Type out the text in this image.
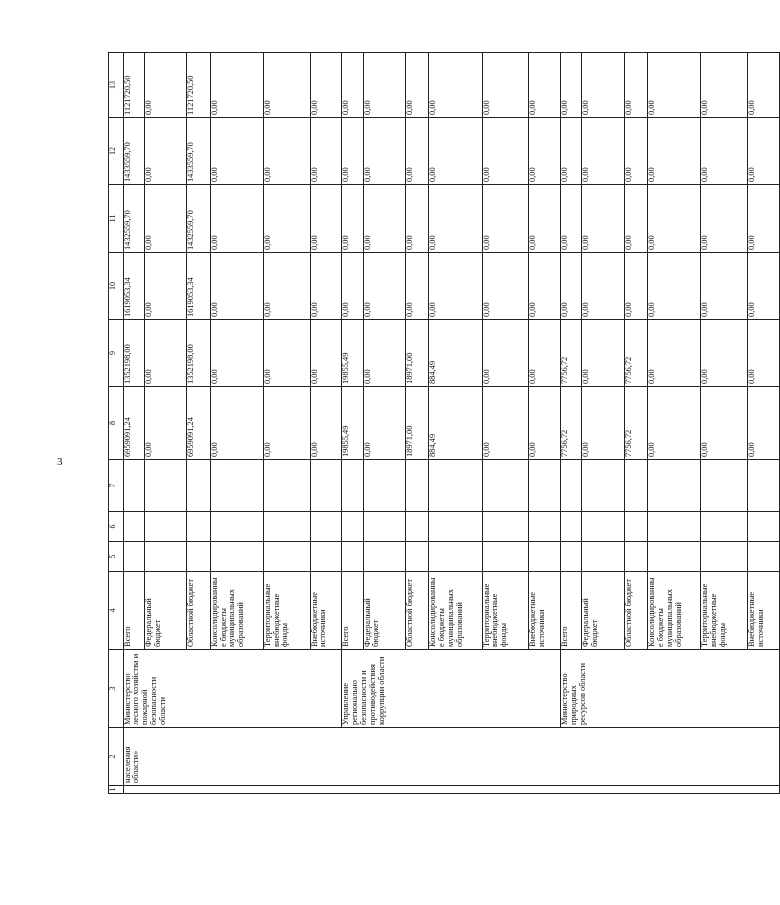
3
1	2	3	4	5	6	7	8	9	10	11	12	13
	населения области»	Министерство лесного хозяйства и пожарной безопасности области	Всего				6959091,24	1352198,00	1619053,34	1432559,70	1433559,70	1121720,50
			Федеральный бюджет				0,00	0,00	0,00	0,00	0,00	0,00
			Областной бюджет				6959091,24	1352198,00	1619053,34	1432559,70	1433559,70	1121720,50
			Консолидированные бюджеты муниципальных образований				0,00	0,00	0,00	0,00	0,00	0,00
			Территориальные внебюджетные фонды				0,00	0,00	0,00	0,00	0,00	0,00
			Внебюджетные источники				0,00	0,00	0,00	0,00	0,00	0,00
		Управление регионально безопасности и противодействия коррупции области	Всего				19855,49	19855,49	0,00	0,00	0,00	0,00
			Федеральный бюджет				0,00	0,00	0,00	0,00	0,00	0,00
			Областной бюджет				18971,00	18971,00	0,00	0,00	0,00	0,00
			Консолидированные бюджеты муниципальных образований				884,49	884,49	0,00	0,00	0,00	0,00
			Территориальные внебюджетные фонды				0,00	0,00	0,00	0,00	0,00	0,00
			Внебюджетные источники				0,00	0,00	0,00	0,00	0,00	0,00
		Министерство природных ресурсов области	Всего				7756,72	7756,72	0,00	0,00	0,00	0,00
			Федеральный бюджет				0,00	0,00	0,00	0,00	0,00	0,00
			Областной бюджет				7756,72	7756,72	0,00	0,00	0,00	0,00
			Консолидированные бюджеты муниципальных образований				0,00	0,00	0,00	0,00	0,00	0,00
			Территориальные внебюджетные фонды				0,00	0,00	0,00	0,00	0,00	0,00
			Внебюджетные источники				0,00	0,00	0,00	0,00	0,00	0,00
